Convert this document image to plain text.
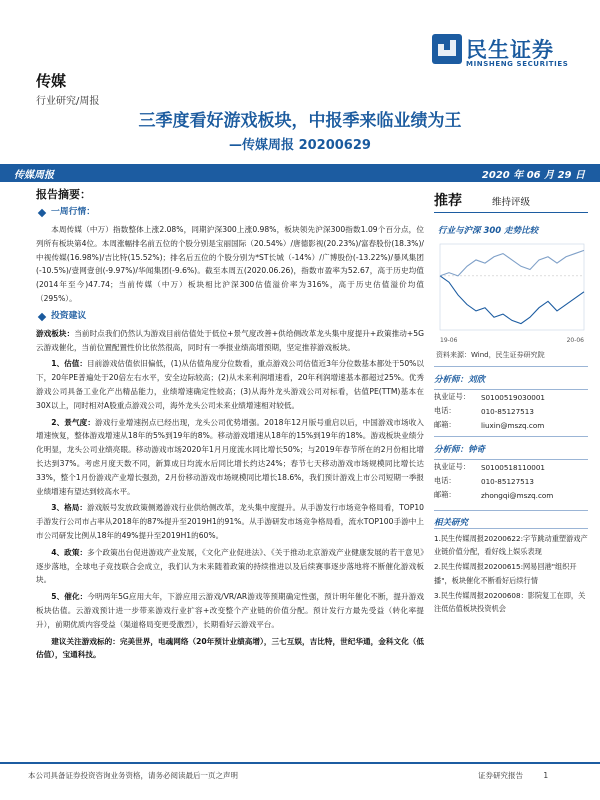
民生证券
MINSHENG SECURITIES
传媒
行业研究/周报
三季度看好游戏板块，中报季来临业绩为王
—传媒周报 20200629
传媒周报	2020 年 06 月 29 日
报告摘要：
一周行情：
本周传媒（中万）指数整体上涨2.08%，同期沪深300上涨0.98%，板块领先沪深300指数1.09个百分点，位列所有板块第4位。本周涨幅排名前五位的个股分别是宝丽国际（20.54%）/唐德影视(20.23%)/富春股份(18.3%)/中视传媒(16.98%)/吉比特(15.52%)；排名后五位的个股分别为*ST长城（-14%）/广博股份(-13.22%)/暴风集团(-10.5%)/壹网壹创(-9.97%)/华闻集团(-9.6%)。截至本周五(2020.06.26)，指数市盈率为52.67，高于历史均值(2014年至今)47.74；当前传媒（中万）板块相比沪深300估值溢价率为316%，高于历史估值溢价均值（295%）。
投资建议
游戏板块：当前时点我们仍然认为游戏目前估值处于低位+景气度改善+供给侧改革龙头集中度提升+政策推动+5G云游戏催化，当前位置配置性价比依然很高，同时有一季报业绩高增预期，坚定推荐游戏板块。
1、估值：目前游戏估值依旧偏低，(1)从估值角度分位数看，重点游戏公司估值近3年分位数基本都处于50%以下，20年PE普遍处于20倍左右水平，安全边际较高；(2)从未来利润增速看，20年利润增速基本都超过25%。优秀游戏公司具备工业化产出精品能力，业绩增速确定性较高；(3)从海外龙头游戏公司对标看，估值PE(TTM)基本在30X以上，同时相对A股重点游戏公司，海外龙头公司未来业绩增速相对较低。
2、景气度：游戏行业增速拐点已经出现，龙头公司优势增强。2018年12月版号重启以后，中国游戏市场收入增速恢复，整体游戏增速从18年的5%到19年的8%。移动游戏增速从18年的15%到19年的18%。游戏板块业绩分化明显，龙头公司业绩亮眼。移动游戏市场2020年1月月度流水同比增长50%；与2019年春节所在的2月份相比增长达到37%。考虑月度天数不同，新算成日均流水后同比增长约达24%；春节七天移动游戏市场规模同比增长达33%，整个1月份游戏产业增长强劲，2月份移动游戏市场规模同比增长18.6%，我们预计游戏上市公司短期一季报业绩增速有望达到较高水平。
3、格局：游戏版号发放政策侧遏游戏行业供给侧改革，龙头集中度提升。从手游发行市场竞争格局看，TOP10手游发行公司市占率从2018年的87%提升至2019H1的91%。从手游研发市场竞争格局看，流水TOP100手游中上市公司研发比例从18年的49%提升至2019H1的60%。
4、政策：多个政策出台促进游戏产业发展，《文化产业促进法》、《关于推动北京游戏产业健康发展的若干意见》逐步落地，全球电子竞技联合会成立，我们认为未来随着政策的持续推进以及后续赛事逐步落地将不断催化游戏板块。
5、催化：今明两年5G应用大年，下游应用云游戏/VR/AR游戏等预期确定性强，预计明年催化不断，提升游戏板块估值。云游戏预计进一步带来游戏行业扩容+改变整个产业链的价值分配。预计发行方最先受益（转化率提升），前期优质内容受益（渠道格局变更受激烈），长期看好云游戏平台。
建议关注游戏标的：完美世界，电魂网络（20年预计业绩高增），三七互娱，吉比特，世纪华通，金科文化（低估值），宝通科技。
推荐	维持评级
行业与沪深 300 走势比较
19-06	20-06
资料来源：Wind，民生证券研究院
分析师：刘欣
执业证号：	S0100519030001
电话：	010-85127513
邮箱：	liuxin@mszq.com
分析师：钟奇
执业证号：	S0100518110001
电话：	010-85127513
邮箱：	zhongqi@mszq.com
相关研究
1.民生传媒周报20200622:字节跳动重塑游戏产业链价值分配，看好线上娱乐表现
2.民生传媒周报20200615:网易回港"组织开播"，板块催化不断看好后续行情
3.民生传媒周报20200608：影院复工在即，关注低估值板块投资机会
本公司具备证券投资咨询业务资格，请务必阅读最后一页之声明	证券研究报告	1
